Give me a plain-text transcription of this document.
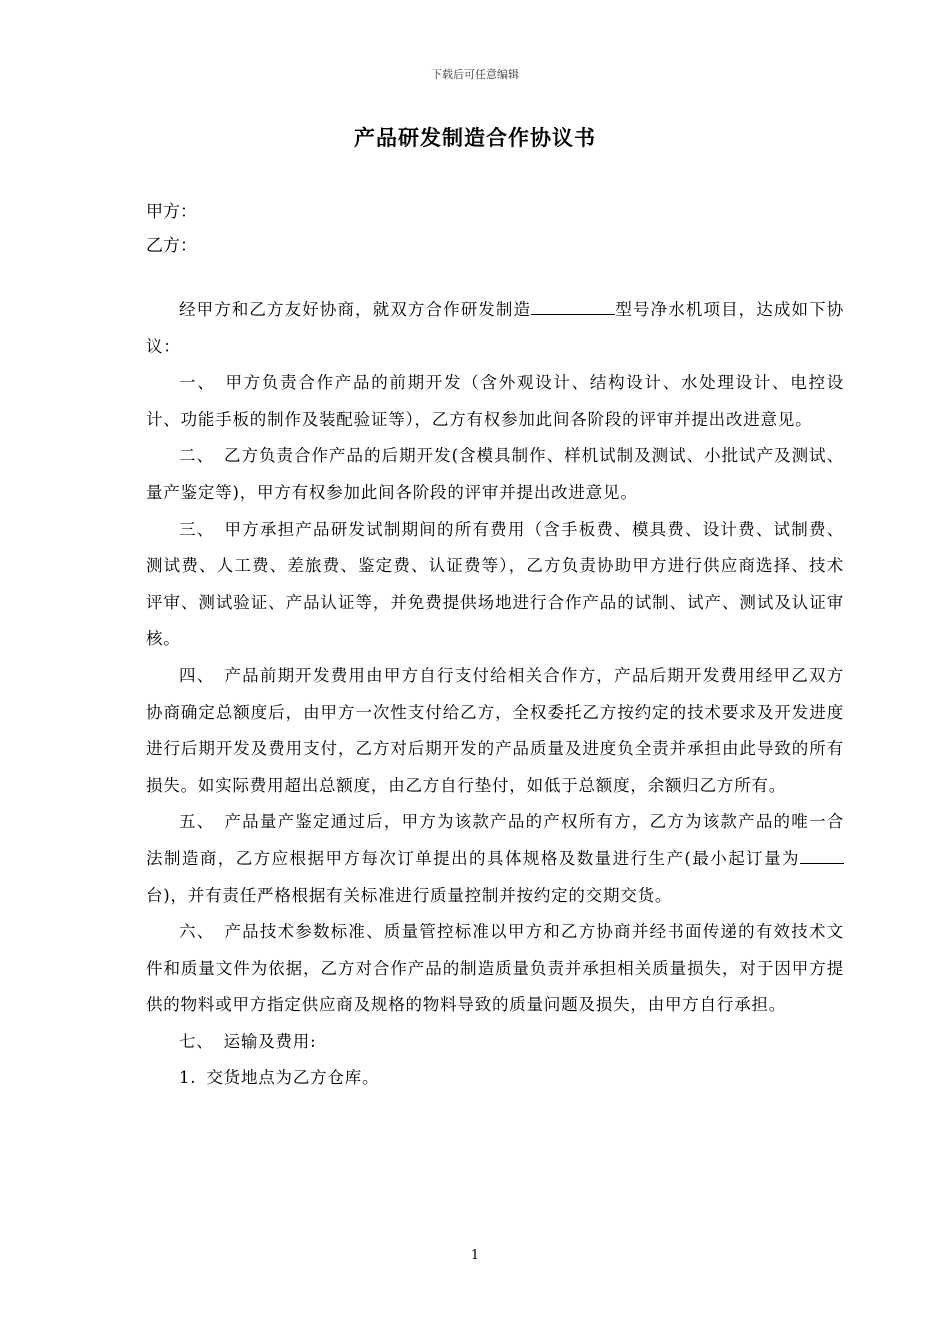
下载后可任意编辑
产品研发制造合作协议书
甲方：
乙方：

经甲方和乙方友好协商，就双方合作研发制造	型号净水机项目，达成如下协议：

一、 甲方负责合作产品的前期开发（含外观设计、结构设计、水处理设计、电控设计、功能手板的制作及装配验证等），乙方有权参加此间各阶段的评审并提出改进意见。

二、 乙方负责合作产品的后期开发(含模具制作、样机试制及测试、小批试产及测试、量产鉴定等)，甲方有权参加此间各阶段的评审并提出改进意见。

三、 甲方承担产品研发试制期间的所有费用（含手板费、模具费、设计费、试制费、测试费、人工费、差旅费、鉴定费、认证费等），乙方负责协助甲方进行供应商选择、技术评审、测试验证、产品认证等，并免费提供场地进行合作产品的试制、试产、测试及认证审核。

四、 产品前期开发费用由甲方自行支付给相关合作方，产品后期开发费用经甲乙双方协商确定总额度后，由甲方一次性支付给乙方，全权委托乙方按约定的技术要求及开发进度进行后期开发及费用支付，乙方对后期开发的产品质量及进度负全责并承担由此导致的所有损失。如实际费用超出总额度，由乙方自行垫付，如低于总额度，余额归乙方所有。

五、 产品量产鉴定通过后，甲方为该款产品的产权所有方，乙方为该款产品的唯一合法制造商，乙方应根据甲方每次订单提出的具体规格及数量进行生产(最小起订量为台)，并有责任严格根据有关标准进行质量控制并按约定的交期交货。

六、 产品技术参数标准、质量管控标准以甲方和乙方协商并经书面传递的有效技术文件和质量文件为依据，乙方对合作产品的制造质量负责并承担相关质量损失，对于因甲方提供的物料或甲方指定供应商及规格的物料导致的质量问题及损失，由甲方自行承担。

七、 运输及费用:

1. 交货地点为乙方仓库。

1
